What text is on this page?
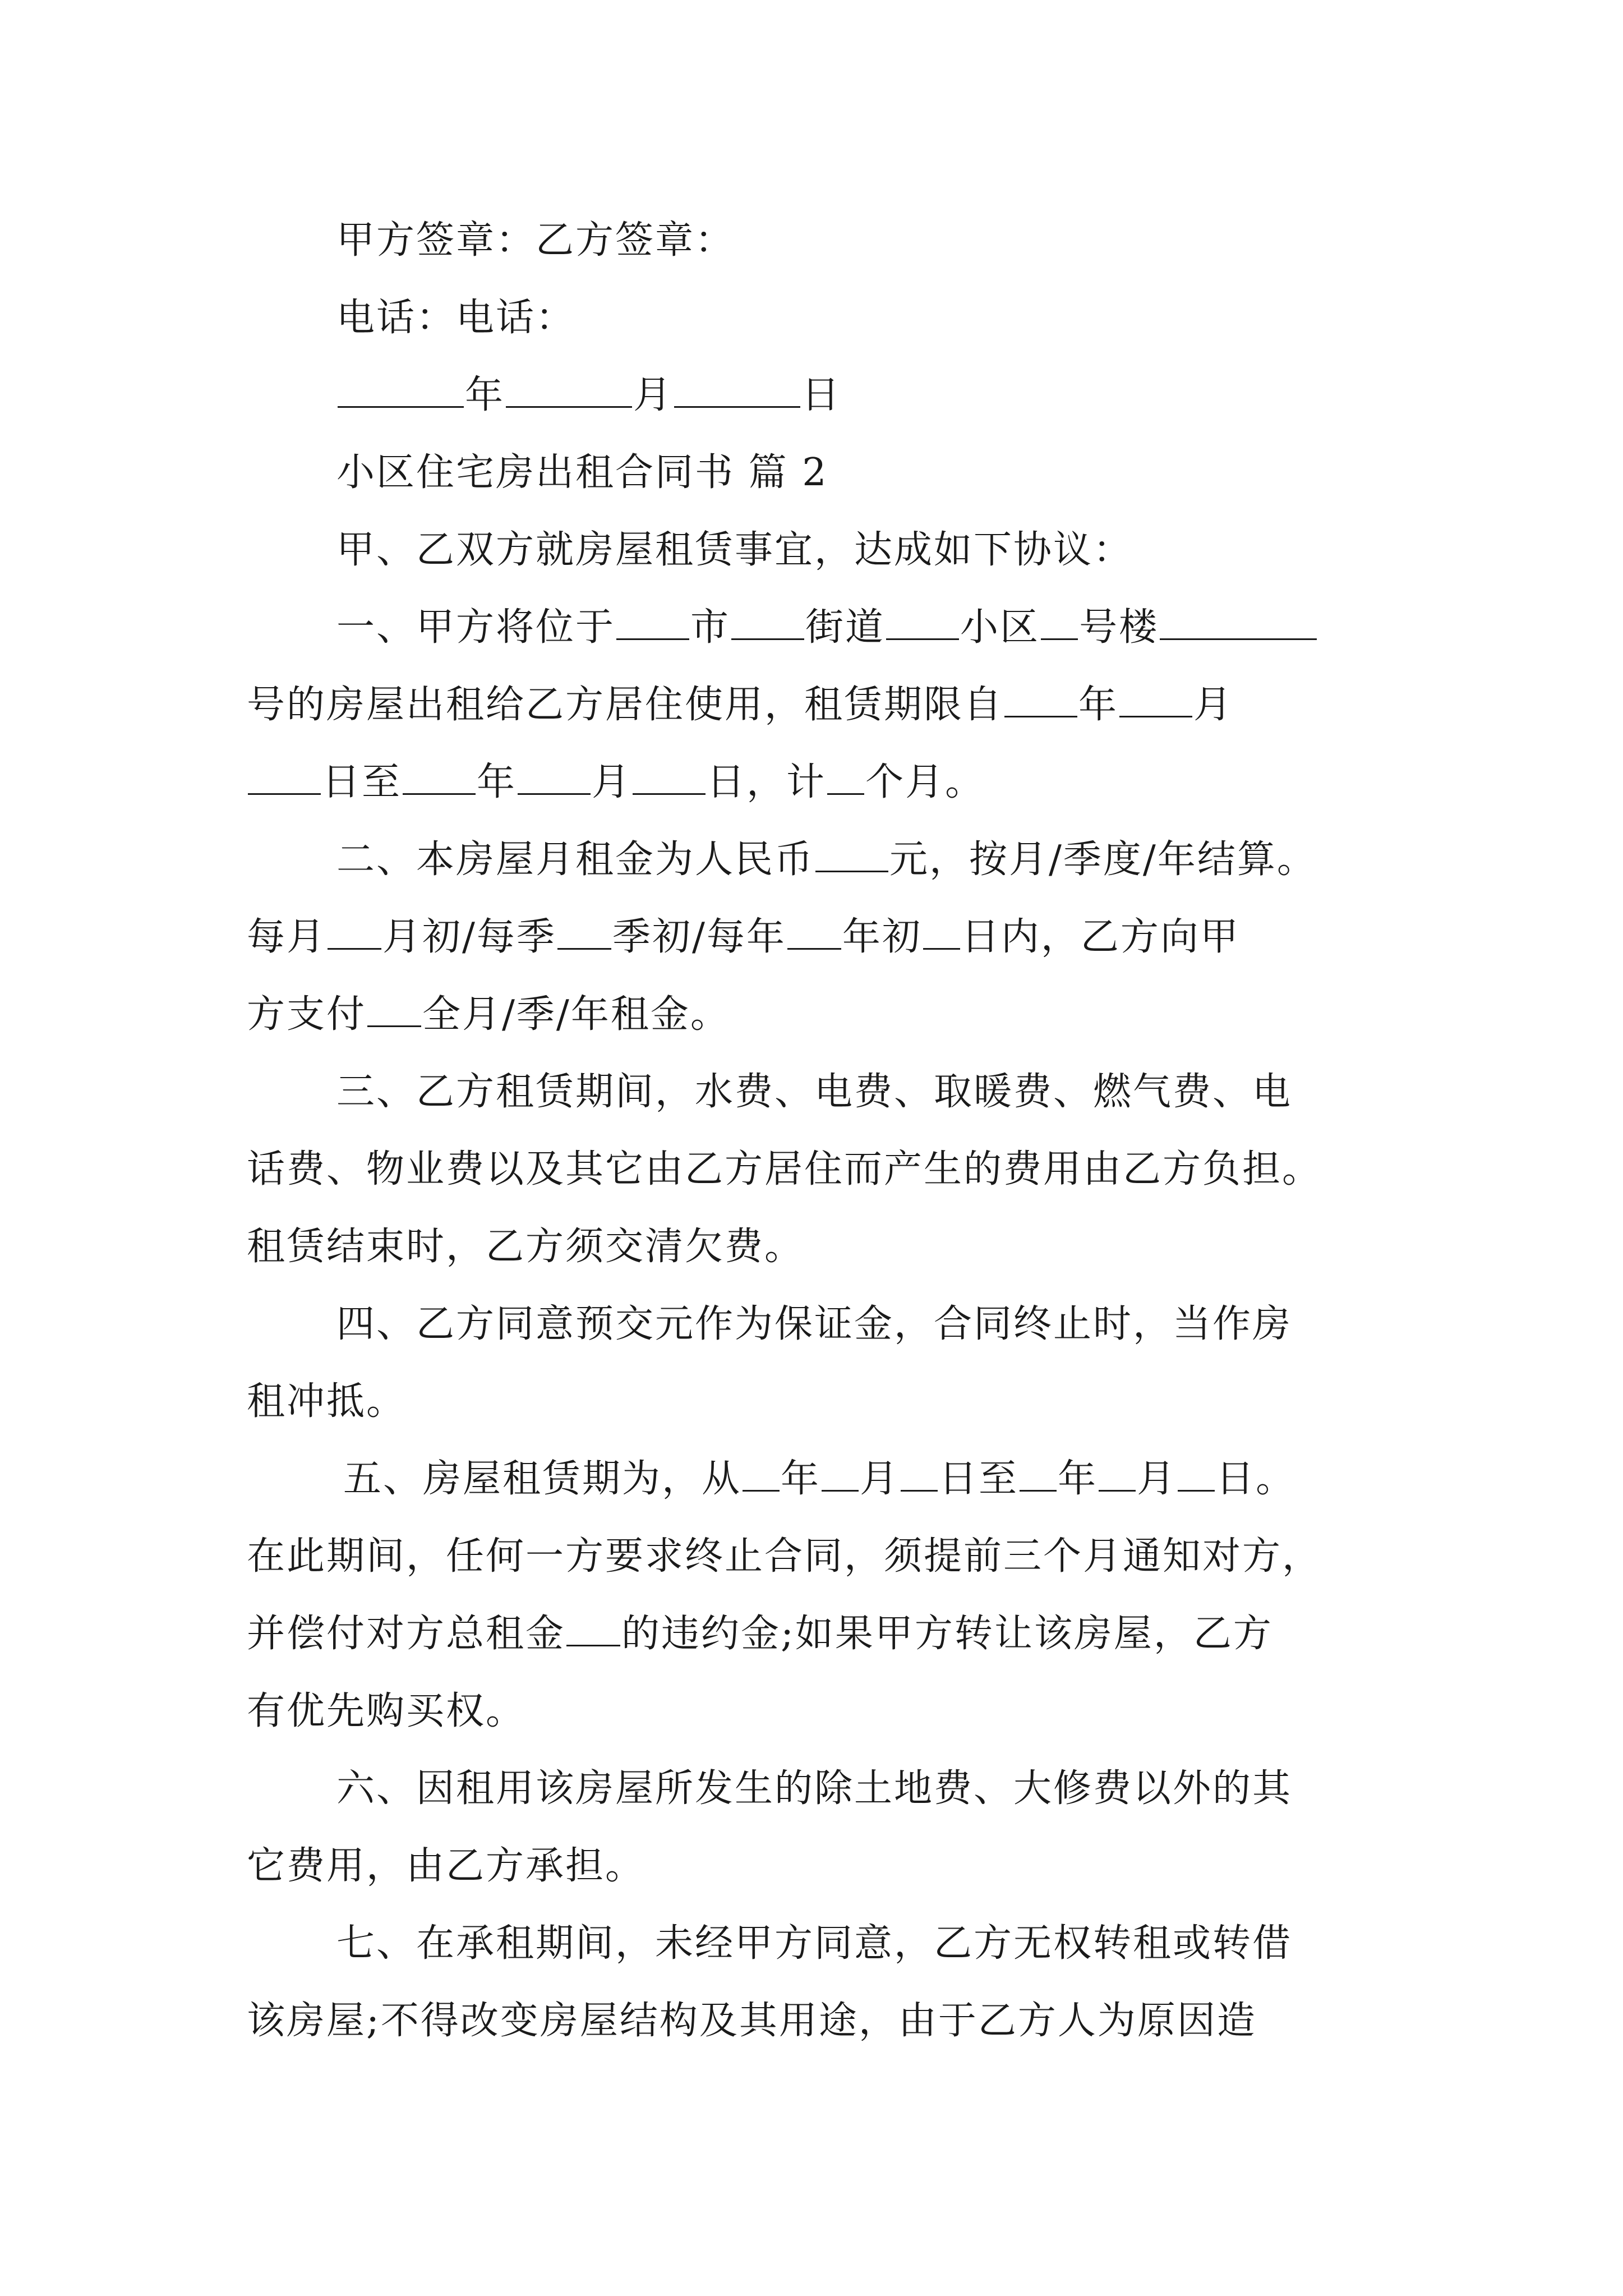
甲方签章：乙方签章：
电话：电话：
年	月	日
小区住宅房出租合同书 篇 2
甲、乙双方就房屋租赁事宜，达成如下协议：
一、甲方将位于 市 街道 小区 号楼
号的房屋出租给乙方居住使用，租赁期限自 年 月
日至 年 月 日，计 个月。
二、本房屋月租金为人民币 元，按月/季度/年结算。
每月 月初/每季 季初/每年 年初 日内，乙方向甲
方支付 全月/季/年租金。
三、乙方租赁期间，水费、电费、取暖费、燃气费、电
话费、物业费以及其它由乙方居住而产生的费用由乙方负担。
租赁结束时，乙方须交清欠费。
四、乙方同意预交元作为保证金，合同终止时，当作房
租冲抵。
五、房屋租赁期为，从 年 月 日至 年 月 日。
在此期间，任何一方要求终止合同，须提前三个月通知对方，
并偿付对方总租金 的违约金;如果甲方转让该房屋，乙方
有优先购买权。
六、因租用该房屋所发生的除土地费、大修费以外的其
它费用，由乙方承担。
七、在承租期间，未经甲方同意，乙方无权转租或转借
该房屋;不得改变房屋结构及其用途，由于乙方人为原因造
